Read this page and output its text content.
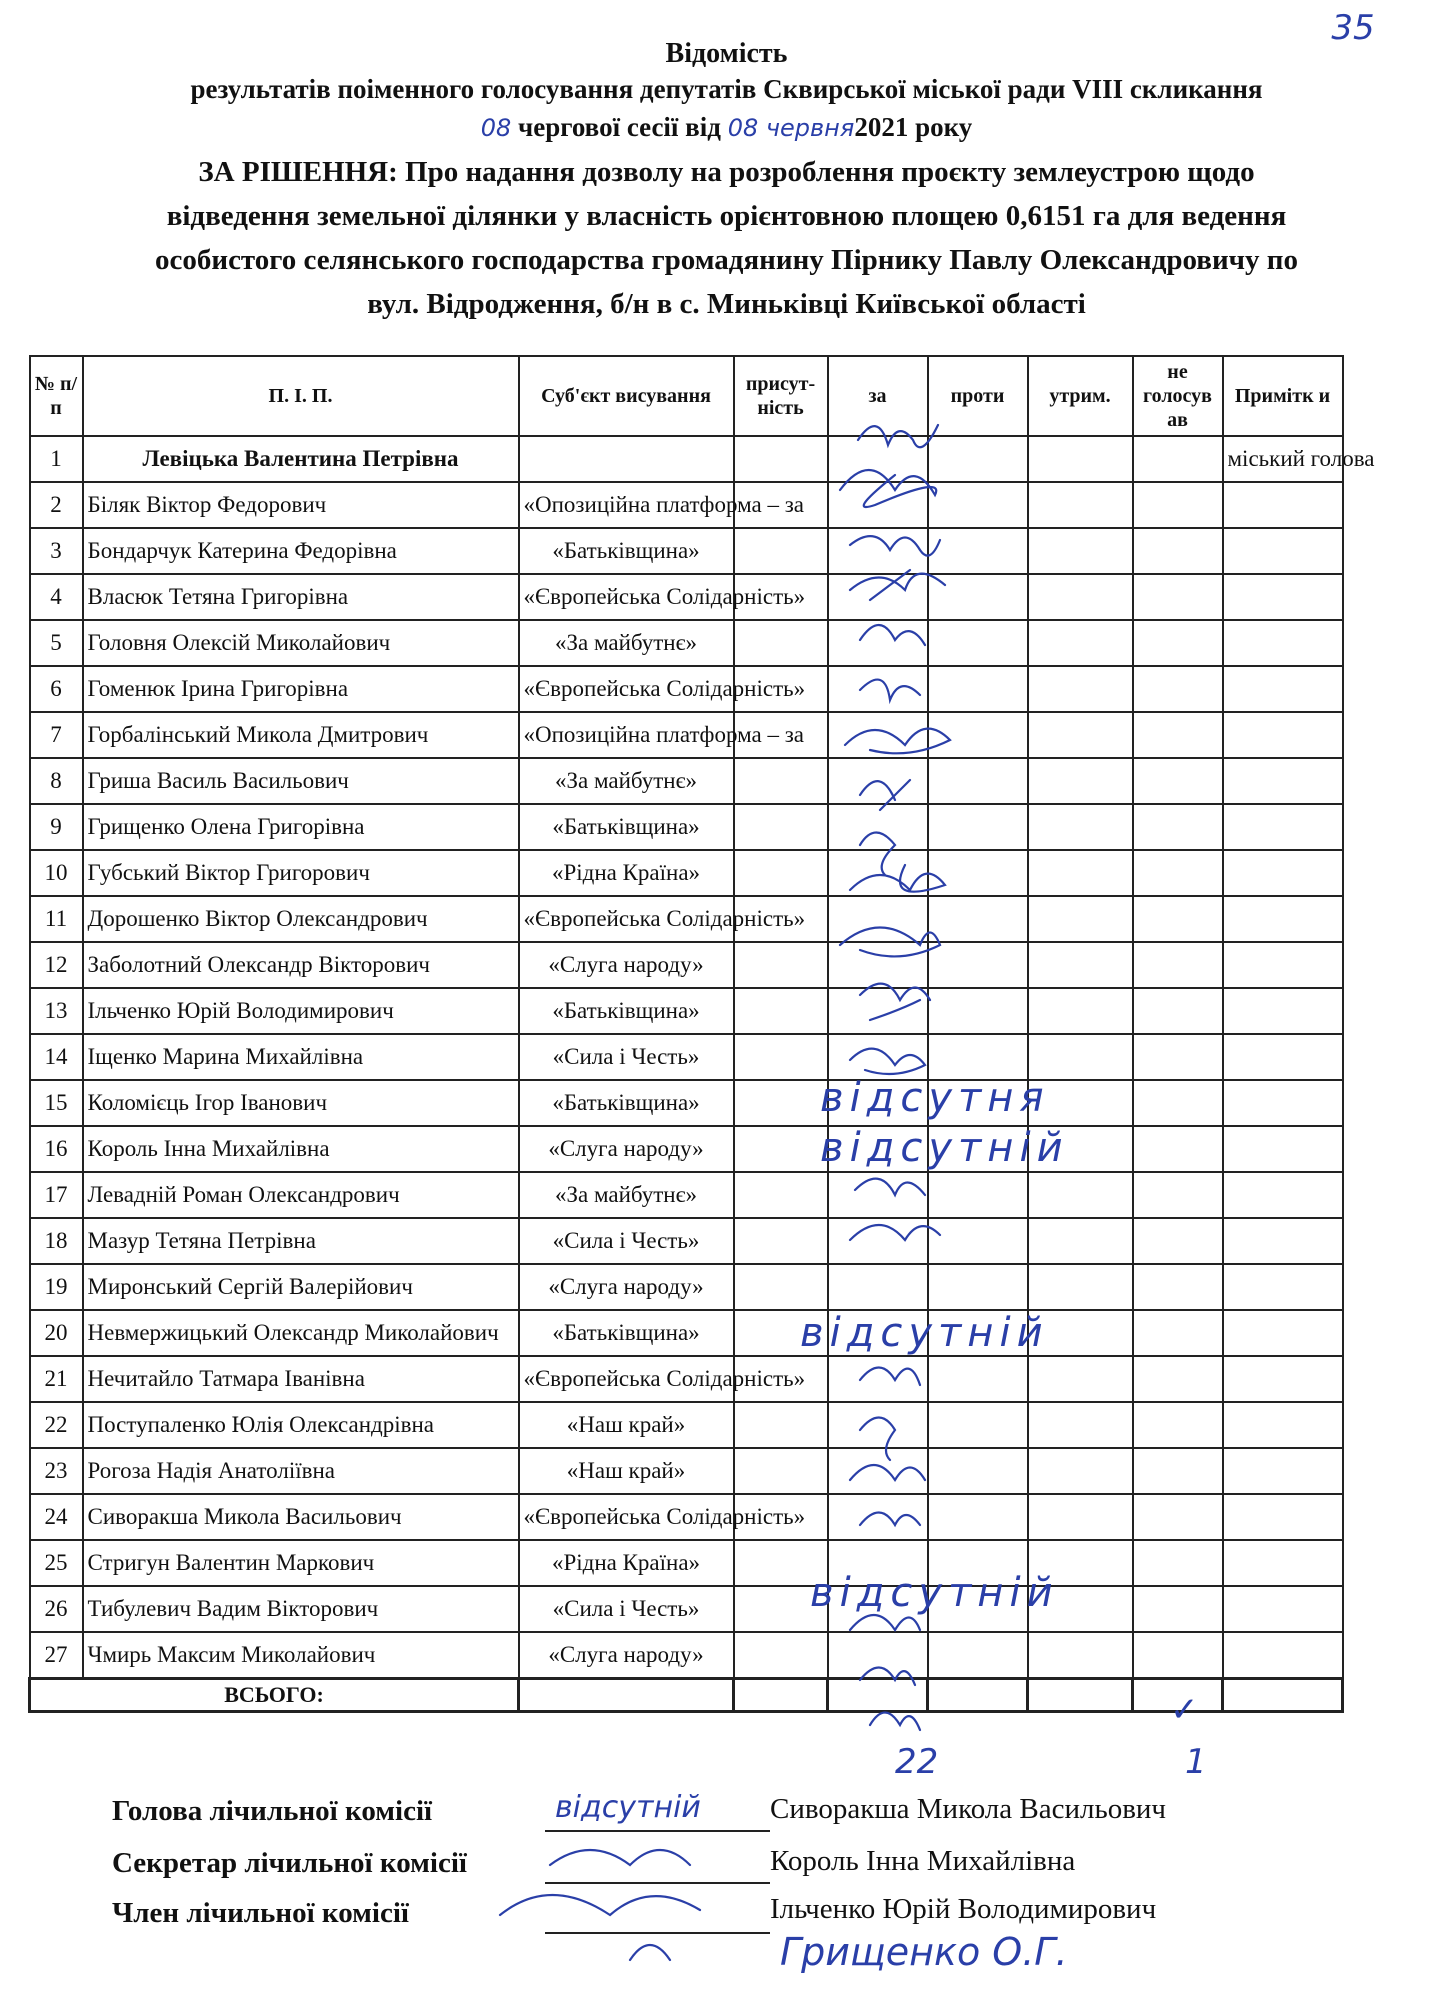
35
Відомість
результатів поіменного голосування депутатів Сквирської міської ради VIII скликання
08 чергової сесії від 08 червня2021 року
ЗА РІШЕННЯ: Про надання дозволу на розроблення проєкту землеустрою щодо
відведення земельної ділянки у власність орієнтовною площею 0,6151 га для ведення
особистого селянського господарства громадянину Пірнику Павлу Олександровичу по
вул. Відродження, б/н в с. Миньківці Київської області
№ п/п	П. І. П.	Суб'єкт висування	присут-ність	за	проти	утрим.	не голосув ав	Примітк и
1	Левіцька Валентина Петрівна							міський голова
2	Біляк Віктор Федорович	«Опозиційна платформа – за						
3	Бондарчук Катерина Федорівна	«Батьківщина»						
4	Власюк Тетяна Григорівна	«Європейська Солідарність»						
5	Головня Олексій Миколайович	«За майбутнє»						
6	Гоменюк Ірина Григорівна	«Європейська Солідарність»						
7	Горбалінський Микола Дмитрович	«Опозиційна платформа – за						
8	Гриша Василь Васильович	«За майбутнє»						
9	Грищенко Олена Григорівна	«Батьківщина»						
10	Губський Віктор Григорович	«Рідна Країна»						
11	Дорошенко Віктор Олександрович	«Європейська Солідарність»						
12	Заболотний Олександр Вікторович	«Слуга народу»						
13	Ільченко Юрій Володимирович	«Батьківщина»						
14	Іщенко Марина Михайлівна	«Сила і Честь»						
15	Коломієць Ігор Іванович	«Батьківщина»						
16	Король Інна Михайлівна	«Слуга народу»						
17	Левадній Роман Олександрович	«За майбутнє»						
18	Мазур Тетяна Петрівна	«Сила і Честь»						
19	Миронський Сергій Валерійович	«Слуга народу»						
20	Невмержицький Олександр Миколайович	«Батьківщина»						
21	Нечитайло Татмара Іванівна	«Європейська Солідарність»						
22	Поступаленко Юлія Олександрівна	«Наш край»						
23	Рогоза Надія Анатоліївна	«Наш край»						
24	Сиворакша Микола Васильович	«Європейська Солідарність»						
25	Стригун Валентин Маркович	«Рідна Країна»						
26	Тибулевич Вадим Вікторович	«Сила і Честь»						
27	Чмирь Максим Миколайович	«Слуга народу»						
ВСЬОГО:								
відсутня
відсутній
відсутній
відсутній
✓
22	1
відсутній
Грищенко О.Г.
Голова лічильної комісії	Сиворакша Микола Васильович
Секретар лічильної комісії	Король Інна Михайлівна
Член лічильної комісії	Ільченко Юрій Володимирович
